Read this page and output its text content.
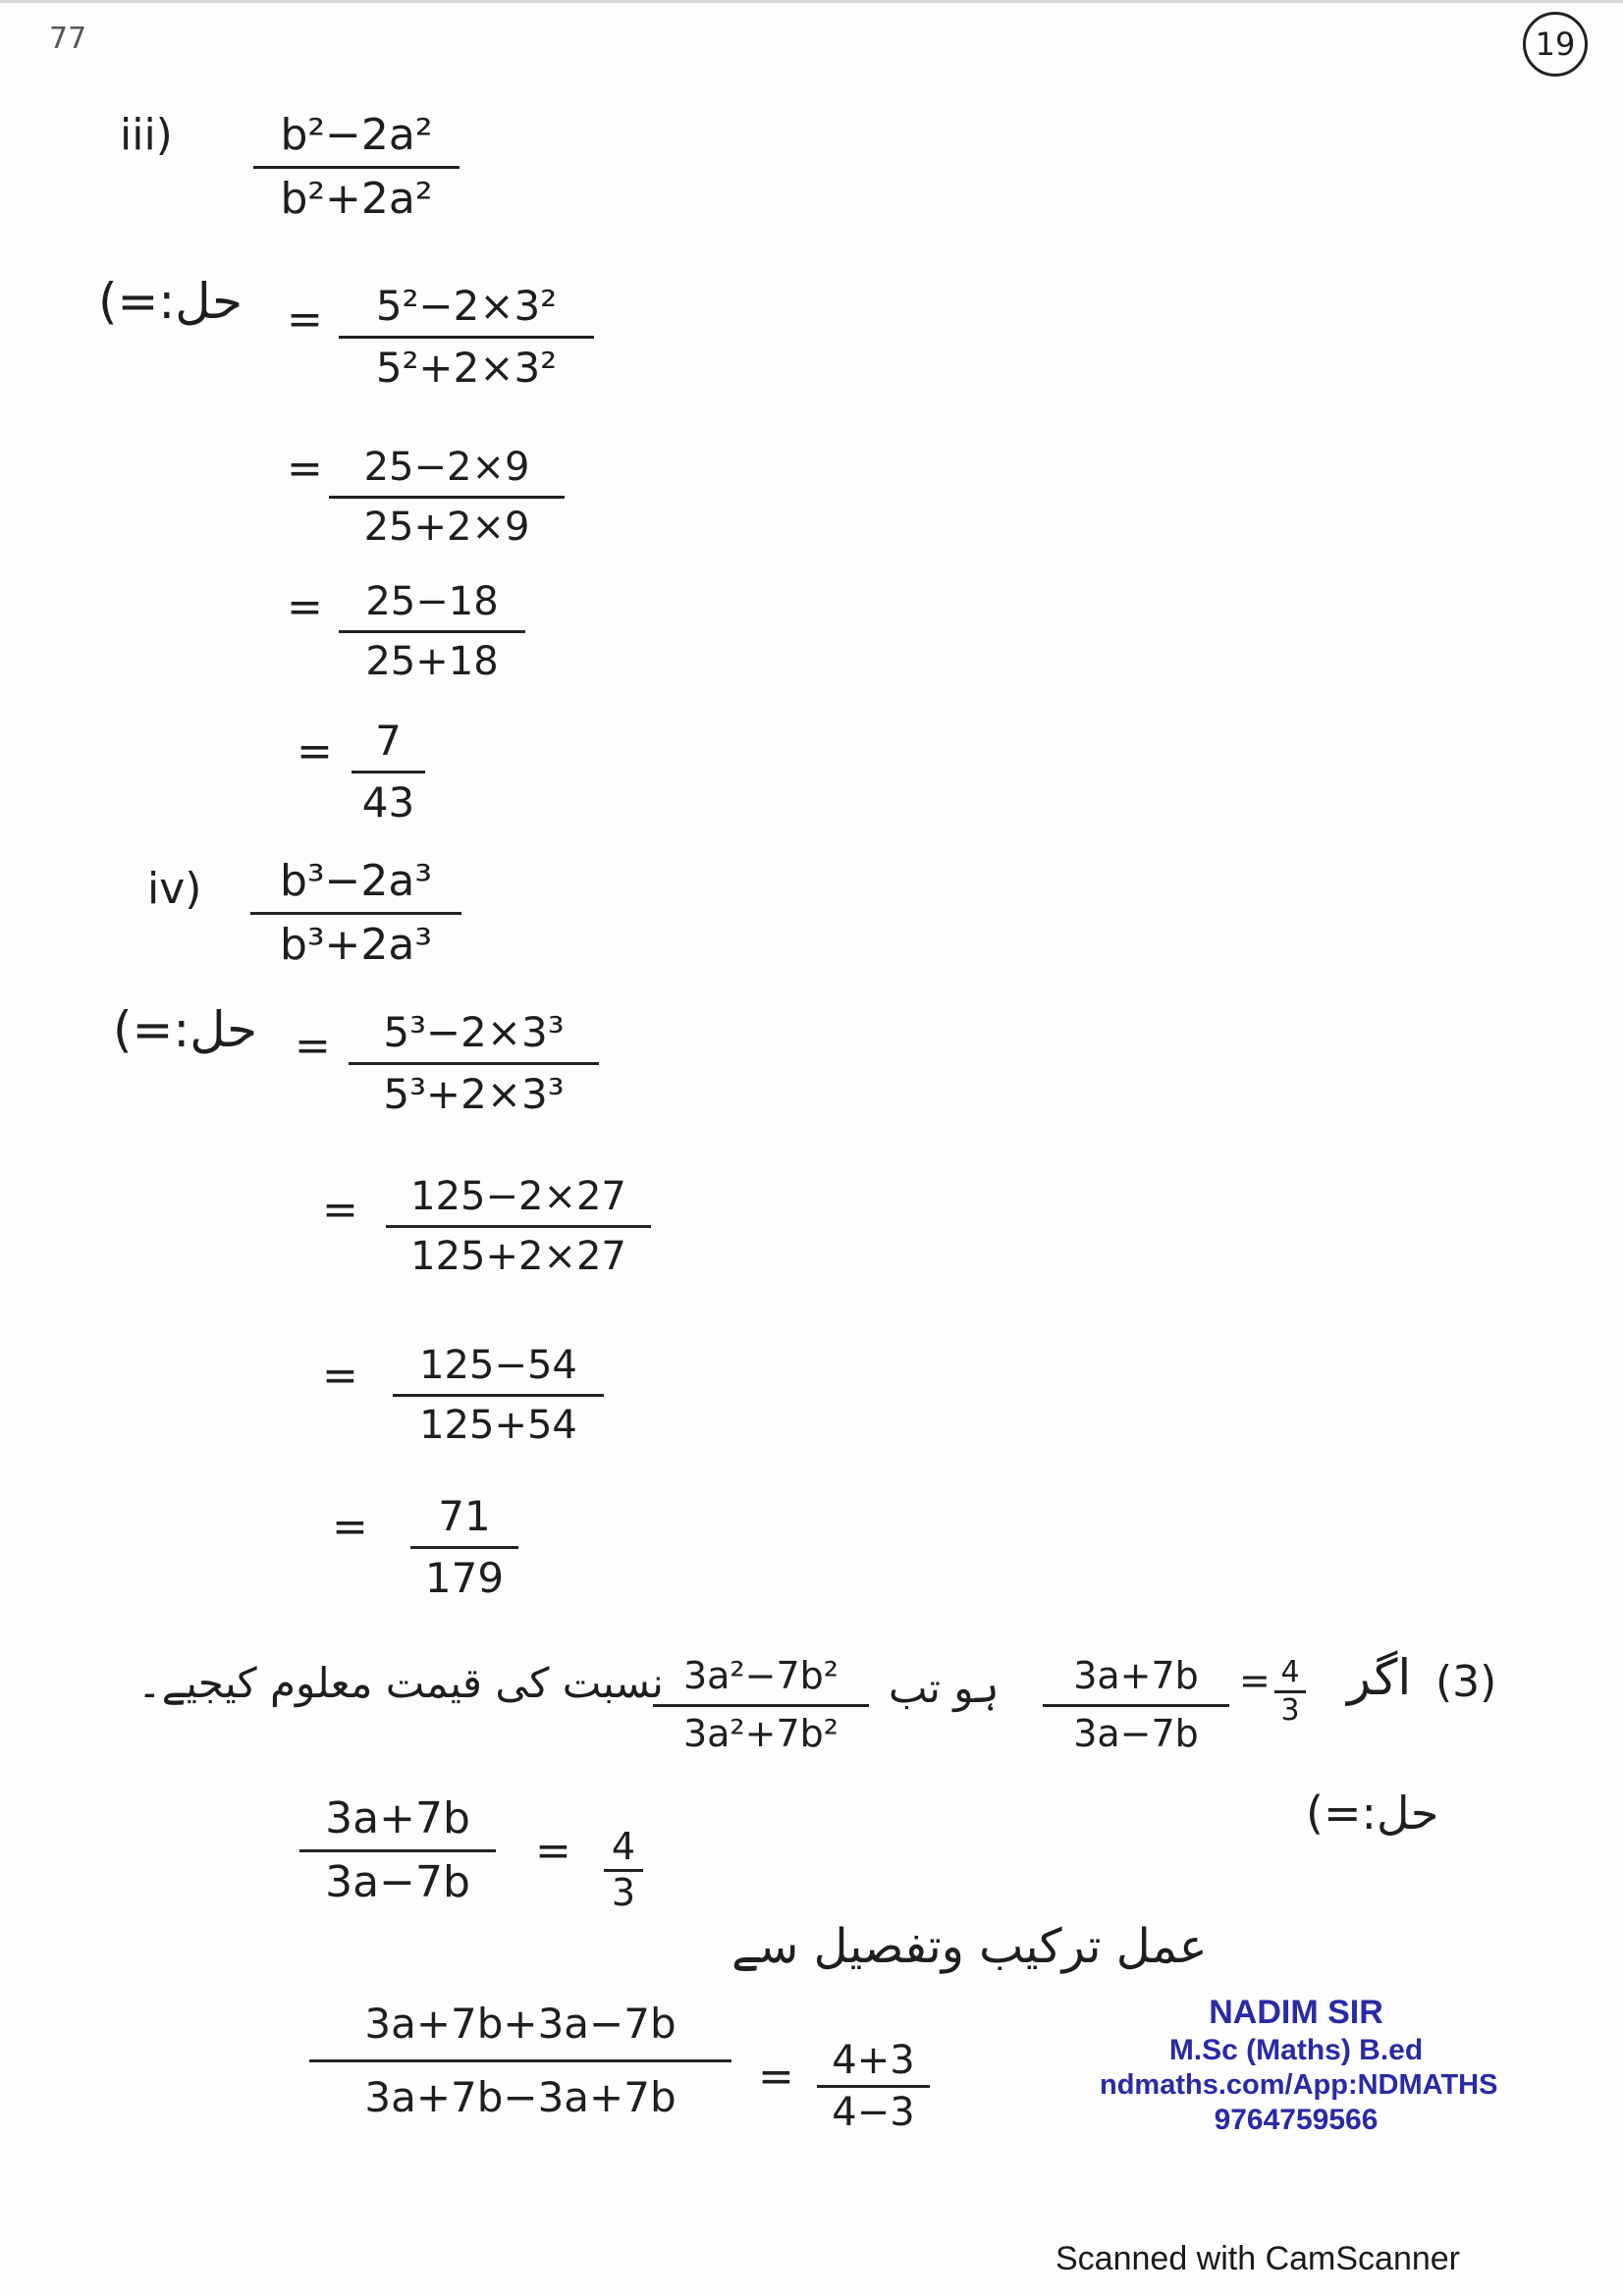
77	19
iii) b²−2a²
b²+2a²
حل:=) = 5²−2×3²
5²+2×3²
= 25−2×9
25+2×9
= 25−18
25+18
= 7
43
iv) b³−2a³
b³+2a³
حل:=) = 5³−2×3³
5³+2×3³
= 125−2×27
125+2×27
= 125−54
125+54
= 71
179
(3)
اگر
=
3a+7b
3a−7b
4
3
ہو تب
3a²−7b²
3a²+7b²
نسبت کی قیمت معلوم کیجیے۔
حل:=)
3a+7b
3a−7b
= 4
3
عمل ترکیب وتفصیل سے
3a+7b+3a−7b
3a+7b−3a+7b = 4+3
4−3
NADIM SIR
M.Sc (Maths) B.ed
ndmaths.com/App:NDMATHS
9764759566
Scanned with CamScanner
